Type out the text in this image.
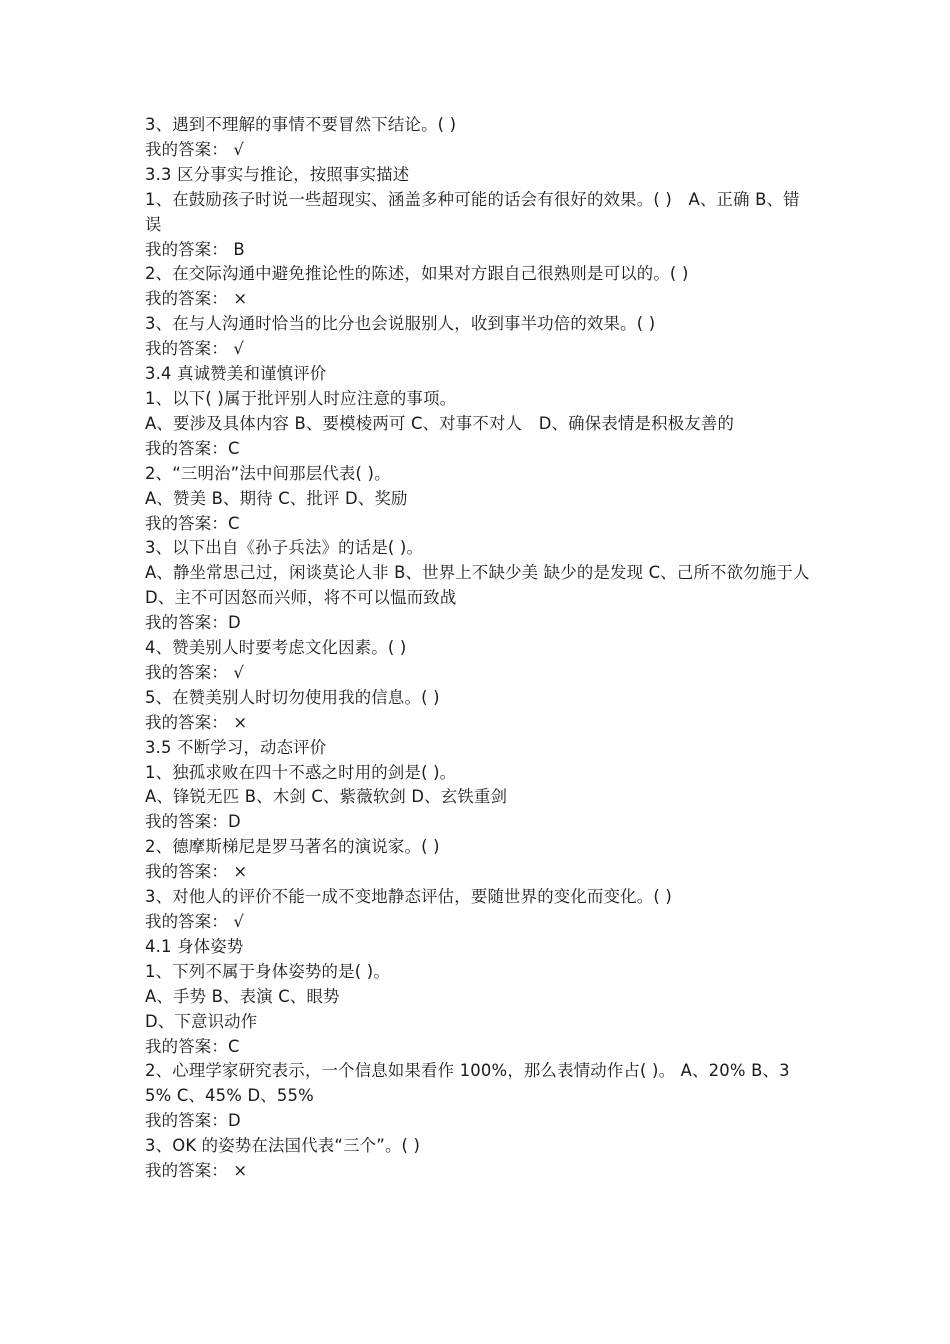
3、遇到不理解的事情不要冒然下结论。( )

我的答案： √

3.3 区分事实与推论，按照事实描述

1、在鼓励孩子时说一些超现实、涵盖多种可能的话会有很好的效果。( )　A、正确 B、错误

我的答案： B

2、在交际沟通中避免推论性的陈述，如果对方跟自己很熟则是可以的。( )

我的答案： ×

3、在与人沟通时恰当的比分也会说服别人，收到事半功倍的效果。( )

我的答案： √

3.4 真诚赞美和谨慎评价

1、以下( )属于批评别人时应注意的事项。

A、要涉及具体内容 B、要模棱两可 C、对事不对人　D、确保表情是积极友善的

我的答案：C

2、“三明治”法中间那层代表( )。

A、赞美 B、期待 C、批评 D、奖励

我的答案：C

3、以下出自《孙子兵法》的话是( )。

A、静坐常思己过，闲谈莫论人非 B、世界上不缺少美 缺少的是发现 C、己所不欲勿施于人　D、主不可因怒而兴师，将不可以愠而致战

我的答案：D

4、赞美别人时要考虑文化因素。( )

我的答案： √

5、在赞美别人时切勿使用我的信息。( )

我的答案： ×

3.5 不断学习，动态评价

1、独孤求败在四十不惑之时用的剑是( )。

A、锋锐无匹 B、木剑 C、紫薇软剑 D、玄铁重剑

我的答案：D

2、德摩斯梯尼是罗马著名的演说家。( )

我的答案： ×

3、对他人的评价不能一成不变地静态评估，要随世界的变化而变化。( )

我的答案： √

4.1 身体姿势

1、下列不属于身体姿势的是( )。

A、手势 B、表演 C、眼势

D、下意识动作

我的答案：C

2、心理学家研究表示，一个信息如果看作 100%，那么表情动作占( )。 A、20% B、35% C、45% D、55%

我的答案：D

3、OK 的姿势在法国代表“三个”。( )

我的答案： ×
